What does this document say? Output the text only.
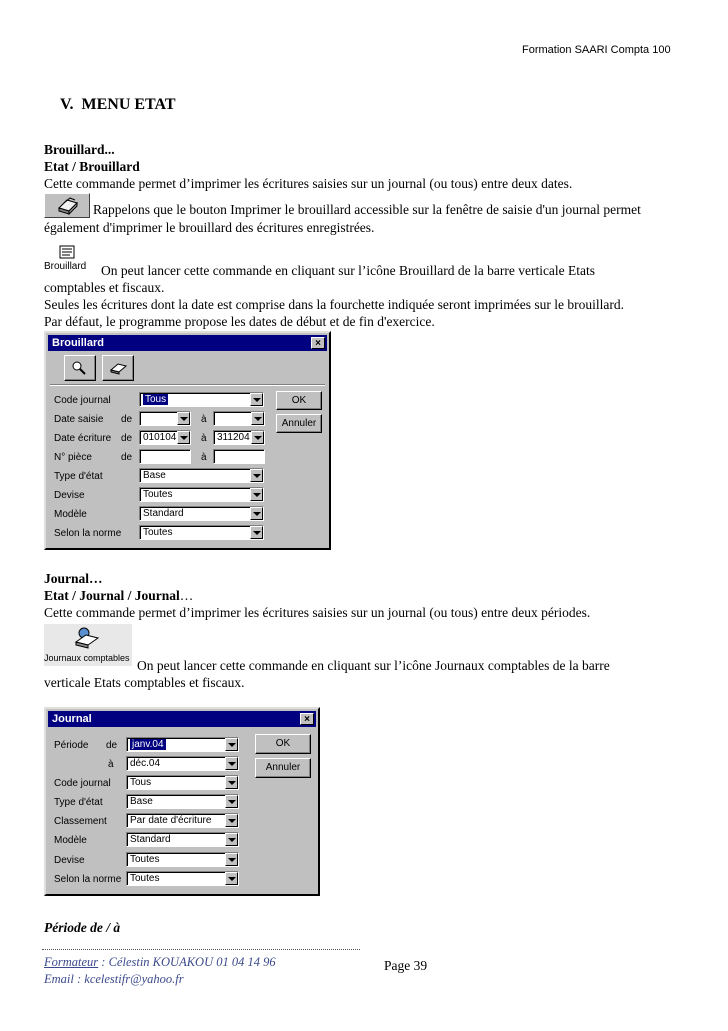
Formation SAARI Compta 100
V. MENU ETAT
Brouillard...
Etat / Brouillard
Cette commande permet d’imprimer les écritures saisies sur un journal (ou tous) entre deux dates.
Rappelons que le bouton Imprimer le brouillard accessible sur la fenêtre de saisie d'un journal permet
également d'imprimer le brouillard des écritures enregistrées.
Brouillard On peut lancer cette commande en cliquant sur l’icône Brouillard de la barre verticale Etats
comptables et fiscaux.
Seules les écritures dont la date est comprise dans la fourchette indiquée seront imprimées sur le brouillard.
Par défaut, le programme propose les dates de début et de fin d'exercice.
Brouillard	×
Code journal	Tous
Date saisie de	à
Date écriture de	010104	à	311204
N° pièce	de	à
Type d'état	Base
Devise	Toutes
Modèle	Standard
Selon la norme	Toutes
OK
Annuler
Journal…
Etat / Journal / Journal…
Cette commande permet d’imprimer les écritures saisies sur un journal (ou tous) entre deux périodes.
Journaux comptables On peut lancer cette commande en cliquant sur l’icône Journaux comptables de la barre
verticale Etats comptables et fiscaux.
Journal	×
Période de	janv.04
à	déc.04
Code journal	Tous
Type d'état	Base
Classement	Par date d'écriture
Modèle	Standard
Devise	Toutes
Selon la norme Toutes
OK
Annuler
Période de / à
Formateur : Célestin KOUAKOU 01 04 14 96
Email : kcelestifr@yahoo.fr
Page 39
